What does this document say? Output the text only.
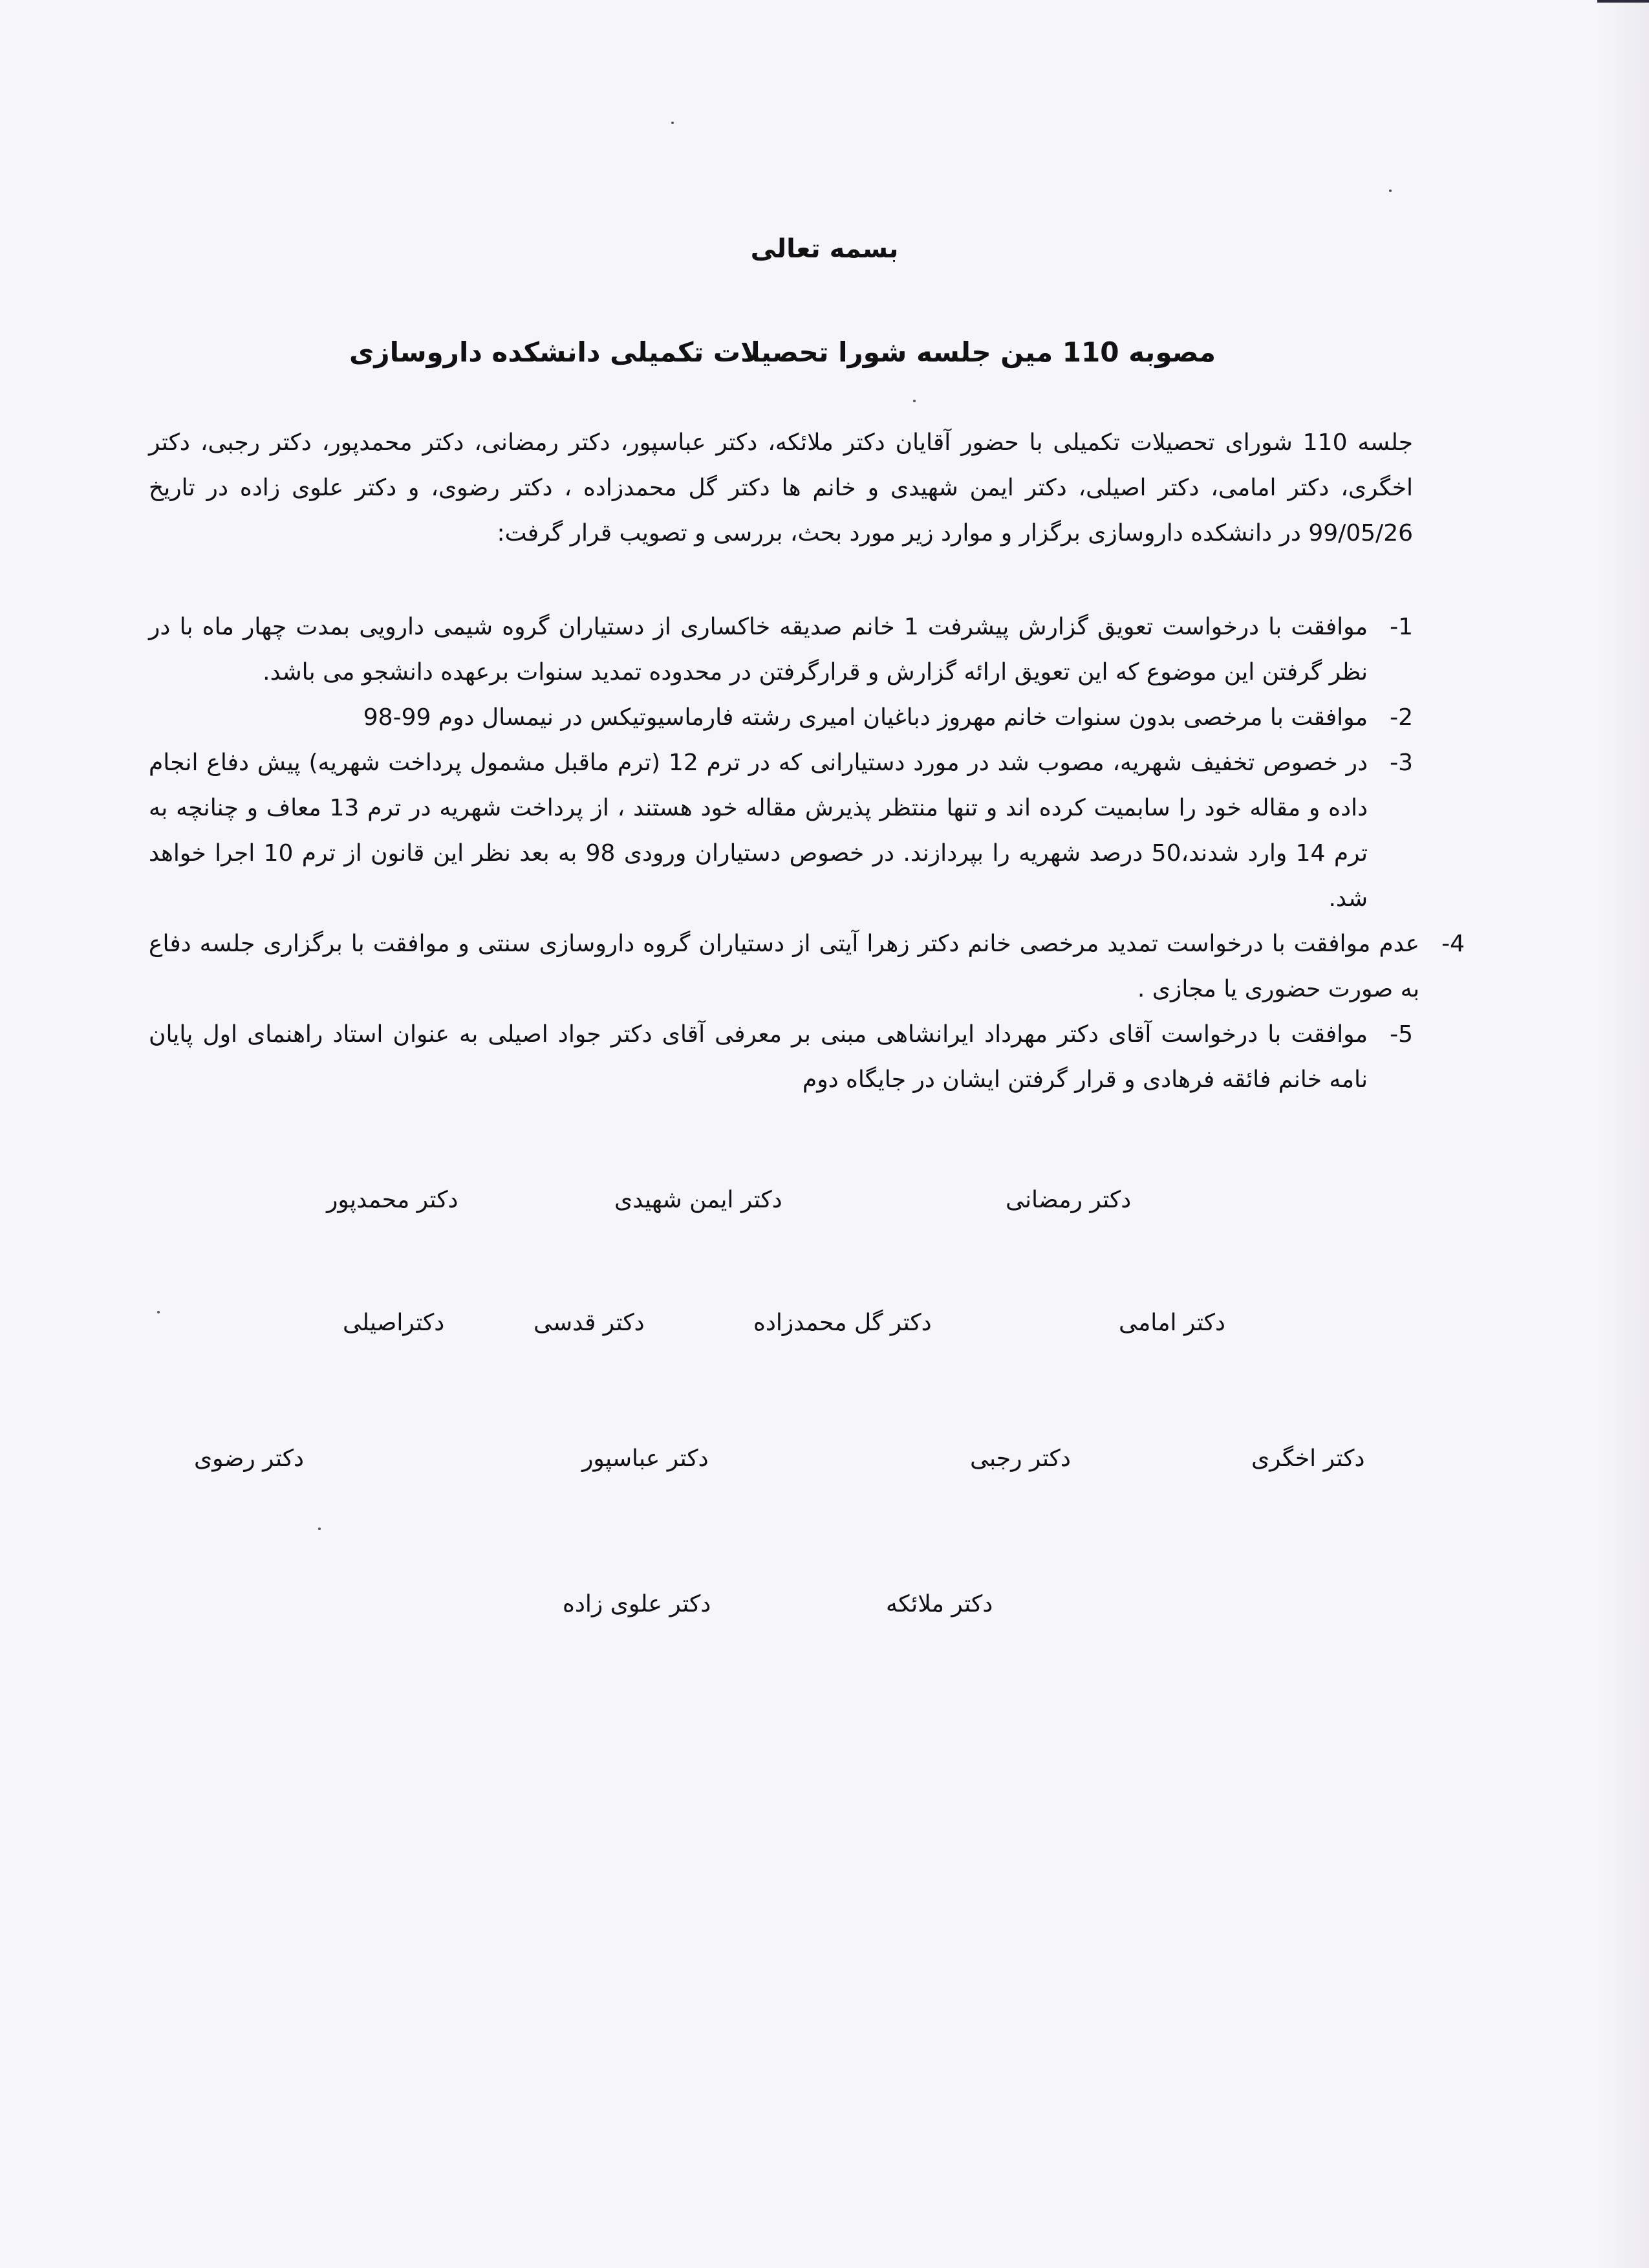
بسمه تعالی
مصوبه 110 مین جلسه شورا تحصیلات تکمیلی دانشکده داروسازی
جلسه 110 شورای تحصیلات تکمیلی با حضور آقایان دکتر ملائکه، دکتر عباسپور، دکتر رمضانی، دکتر محمدپور، دکتر رجبی، دکتر اخگری، دکتر امامی، دکتر اصیلی، دکتر ایمن شهیدی و خانم ها دکتر گل محمدزاده ، دکتر رضوی، و دکتر علوی زاده در تاریخ 99/05/26 در دانشکده داروسازی برگزار و موارد زیر مورد بحث، بررسی و تصویب قرار گرفت:
-1
موافقت با درخواست تعویق گزارش پیشرفت 1 خانم صدیقه خاکساری از دستیاران گروه شیمی دارویی بمدت چهار ماه با در نظر گرفتن این موضوع که این تعویق ارائه گزارش و قرارگرفتن در محدوده تمدید سنوات برعهده دانشجو می باشد.
-2
موافقت با مرخصی بدون سنوات خانم مهروز دباغیان امیری رشته فارماسیوتیکس در نیمسال دوم 99-98
-3
در خصوص تخفیف شهریه، مصوب شد در مورد دستیارانی که در ترم 12 (ترم ماقبل مشمول پرداخت شهریه) پیش دفاع انجام داده و مقاله خود را سابمیت کرده اند و تنها منتظر پذیرش مقاله خود هستند ، از پرداخت شهریه در ترم 13 معاف و چنانچه به ترم 14 وارد شدند،50 درصد شهریه را بپردازند. در خصوص دستیاران ورودی 98 به بعد نظر این قانون از ترم 10 اجرا خواهد شد.
-4
عدم موافقت با درخواست تمدید مرخصی خانم دکتر زهرا آیتی از دستیاران گروه داروسازی سنتی و موافقت با برگزاری جلسه دفاع به صورت حضوری یا مجازی .
-5
موافقت با درخواست آقای دکتر مهرداد ایرانشاهی مبنی بر معرفی آقای دکتر جواد اصیلی به عنوان استاد راهنمای اول پایان نامه خانم فائقه فرهادی و قرار گرفتن ایشان در جایگاه دوم
دکتر رمضانی
دکتر ایمن شهیدی
دکتر محمدپور
دکتر امامی
دکتر گل محمدزاده
دکتر قدسی
دکتراصیلی
دکتر اخگری
دکتر رجبی
دکتر عباسپور
دکتر رضوی
دکتر ملائکه
دکتر علوی زاده
